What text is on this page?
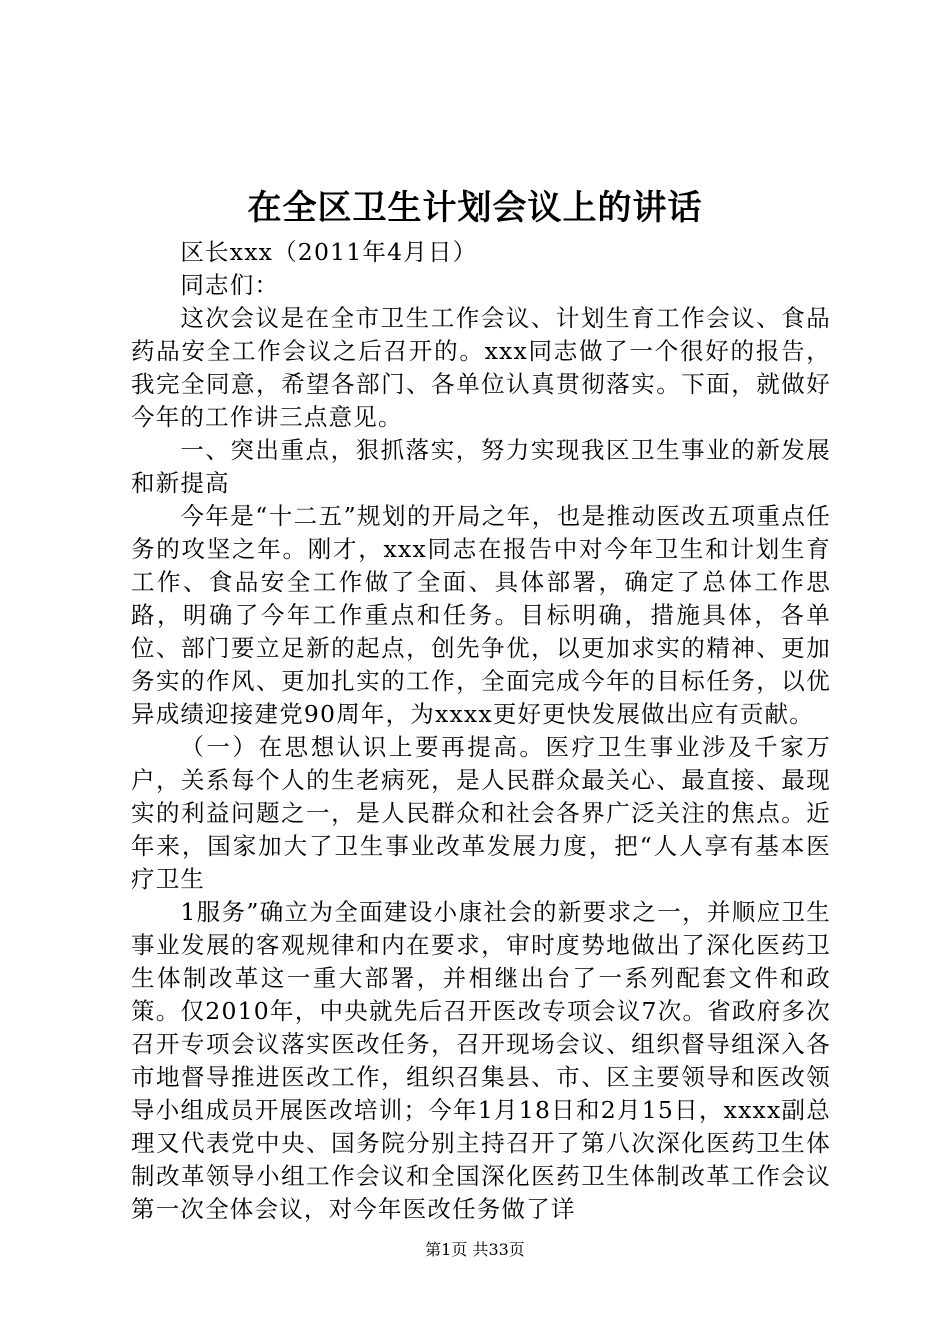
在全区卫生计划会议上的讲话

区长xxx（2011年4月日）

同志们：

这次会议是在全市卫生工作会议、计划生育工作会议、食品药品安全工作会议之后召开的。xxx同志做了一个很好的报告，我完全同意，希望各部门、各单位认真贯彻落实。下面，就做好今年的工作讲三点意见。

一、突出重点，狠抓落实，努力实现我区卫生事业的新发展和新提高

今年是“十二五”规划的开局之年，也是推动医改五项重点任务的攻坚之年。刚才，xxx同志在报告中对今年卫生和计划生育工作、食品安全工作做了全面、具体部署，确定了总体工作思路，明确了今年工作重点和任务。目标明确，措施具体，各单位、部门要立足新的起点，创先争优，以更加求实的精神、更加务实的作风、更加扎实的工作，全面完成今年的目标任务，以优异成绩迎接建党90周年，为xxxx更好更快发展做出应有贡献。

（一）在思想认识上要再提高。医疗卫生事业涉及千家万户，关系每个人的生老病死，是人民群众最关心、最直接、最现实的利益问题之一，是人民群众和社会各界广泛关注的焦点。近年来，国家加大了卫生事业改革发展力度，把“人人享有基本医疗卫生

1服务”确立为全面建设小康社会的新要求之一，并顺应卫生事业发展的客观规律和内在要求，审时度势地做出了深化医药卫生体制改革这一重大部署，并相继出台了一系列配套文件和政策。仅2010年，中央就先后召开医改专项会议7次。省政府多次召开专项会议落实医改任务，召开现场会议、组织督导组深入各市地督导推进医改工作，组织召集县、市、区主要领导和医改领导小组成员开展医改培训；今年1月18日和2月15日，xxxx副总理又代表党中央、国务院分别主持召开了第八次深化医药卫生体制改革领导小组工作会议和全国深化医药卫生体制改革工作会议第一次全体会议，对今年医改任务做了详

第1页 共33页
